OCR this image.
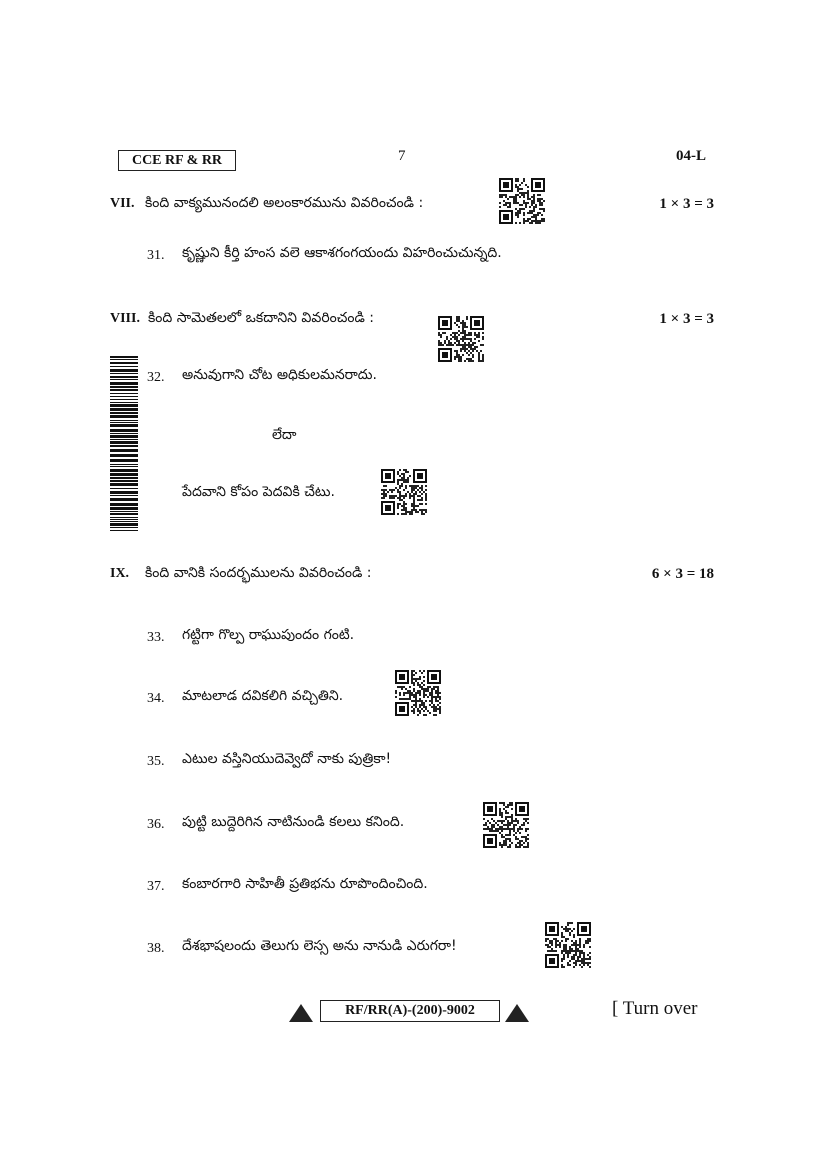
CCE RF & RR	7	04-L
VII. కింది వాక్యమునందలి అలంకారమును వివరించండి :	1 × 3 = 3
31. కృష్ణుని కీర్తి హంస వలె ఆకాశగంగయందు విహరించుచున్నది.
VIII. కింది సామెతలలో ఒకదానిని వివరించండి :	1 × 3 = 3
32. అనువుగాని చోట అధికులమనరాదు.
లేదా
పేదవాని కోపం పెదవికి చేటు.
IX. కింది వానికి సందర్భములను వివరించండి :	6 × 3 = 18
33. గట్టిగా గొల్ప రాఘుపుందం గంటి.
34. మాటలాడ దవికలిగి వచ్చితిని.
35. ఎటుల వస్తినియుదెవ్వెదో నాకు పుత్రికా!
36. పుట్టి బుద్దెరిగిన నాటినుండి కలలు కనింది.
37. కంబారగారి సాహితీ ప్రతిభను రూపొందించింది.
38. దేశభాషలందు తెలుగు లెస్స అను నానుడి ఎరుగరా!
RF/RR(A)-(200)-9002	[ Turn over
